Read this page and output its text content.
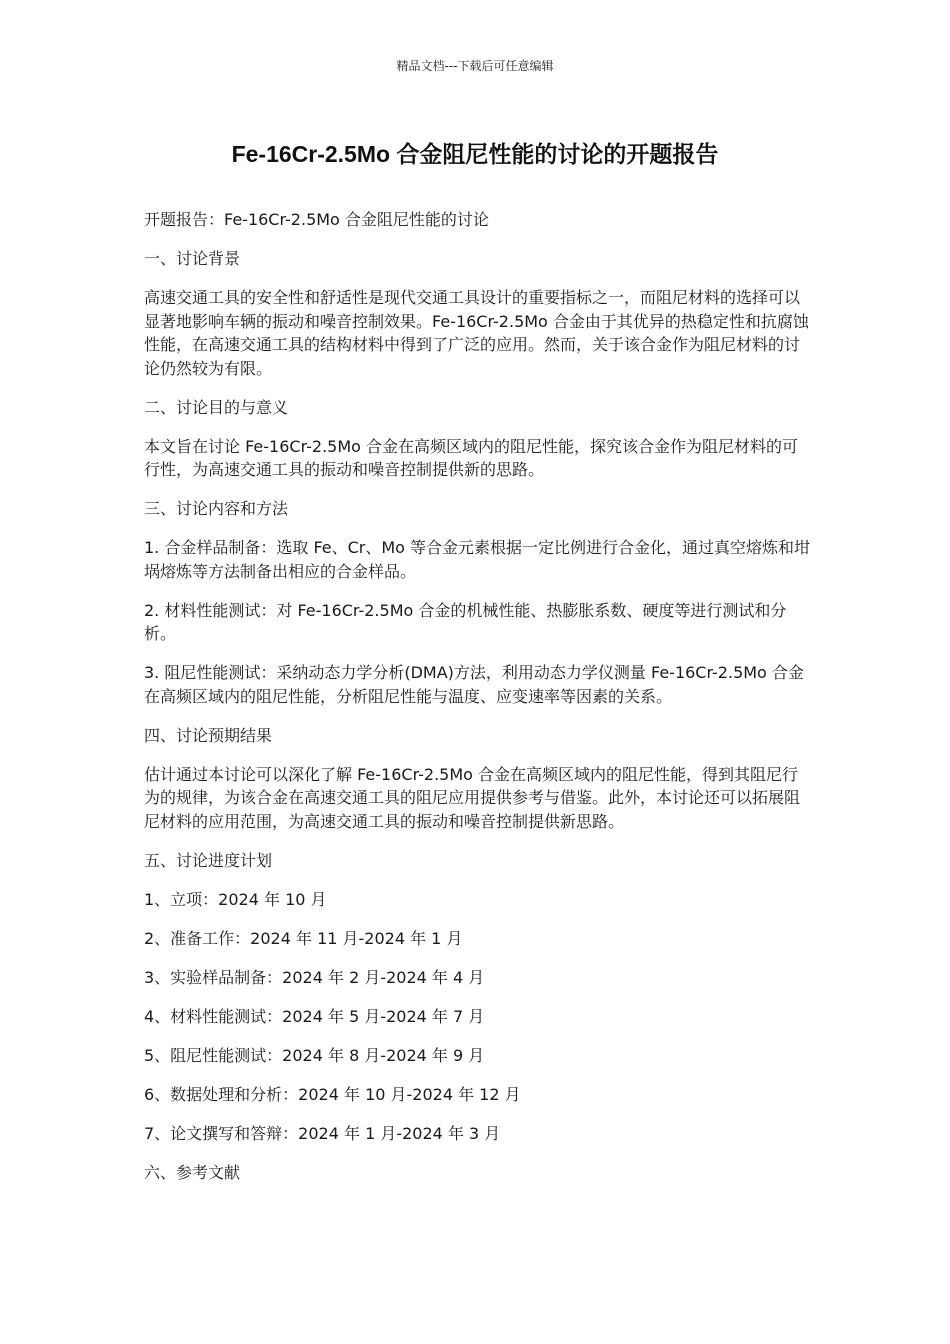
精品文档---下载后可任意编辑
Fe-16Cr-2.5Mo 合金阻尼性能的讨论的开题报告

开题报告：Fe-16Cr-2.5Mo 合金阻尼性能的讨论

一、讨论背景

高速交通工具的安全性和舒适性是现代交通工具设计的重要指标之一，而阻尼材料的选择可以显著地影响车辆的振动和噪音控制效果。Fe-16Cr-2.5Mo 合金由于其优异的热稳定性和抗腐蚀性能，在高速交通工具的结构材料中得到了广泛的应用。然而，关于该合金作为阻尼材料的讨论仍然较为有限。

二、讨论目的与意义

本文旨在讨论 Fe-16Cr-2.5Mo 合金在高频区域内的阻尼性能，探究该合金作为阻尼材料的可行性，为高速交通工具的振动和噪音控制提供新的思路。

三、讨论内容和方法

1. 合金样品制备：选取 Fe、Cr、Mo 等合金元素根据一定比例进行合金化，通过真空熔炼和坩埚熔炼等方法制备出相应的合金样品。

2. 材料性能测试：对 Fe-16Cr-2.5Mo 合金的机械性能、热膨胀系数、硬度等进行测试和分析。

3. 阻尼性能测试：采纳动态力学分析(DMA)方法，利用动态力学仪测量 Fe-16Cr-2.5Mo 合金在高频区域内的阻尼性能，分析阻尼性能与温度、应变速率等因素的关系。

四、讨论预期结果

估计通过本讨论可以深化了解 Fe-16Cr-2.5Mo 合金在高频区域内的阻尼性能，得到其阻尼行为的规律，为该合金在高速交通工具的阻尼应用提供参考与借鉴。此外，本讨论还可以拓展阻尼材料的应用范围，为高速交通工具的振动和噪音控制提供新思路。

五、讨论进度计划

1、立项：2024 年 10 月

2、准备工作：2024 年 11 月-2024 年 1 月

3、实验样品制备：2024 年 2 月-2024 年 4 月

4、材料性能测试：2024 年 5 月-2024 年 7 月

5、阻尼性能测试：2024 年 8 月-2024 年 9 月

6、数据处理和分析：2024 年 10 月-2024 年 12 月

7、论文撰写和答辩：2024 年 1 月-2024 年 3 月

六、参考文献
